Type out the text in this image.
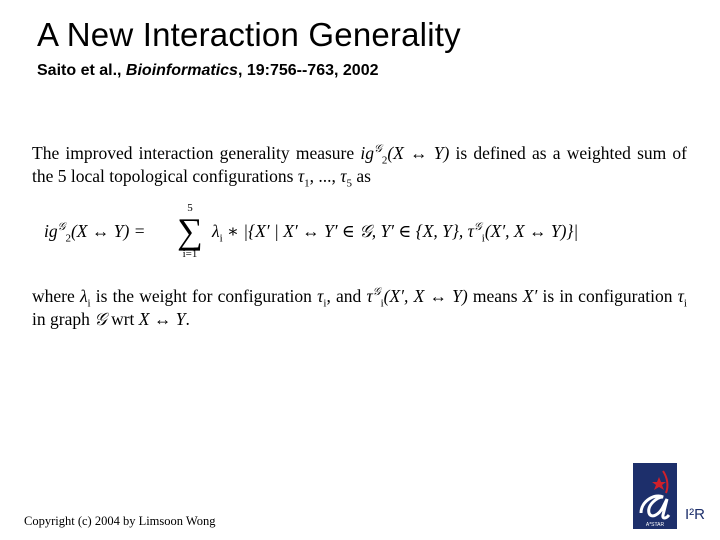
A New Interaction Generality
Saito et al., Bioinformatics, 19:756--763, 2002
The improved interaction generality measure $ig^𝒢_2(X$ ↔ Y) is defined as a weighted sum of the 5 local topological configurations $\tau_1$, ..., $\tau_5$ as
$ig^𝒢_2(X$ ↔ Y) =
5
∑
i=1
$\lambda_i$ ∗ |{X′ | X′ ↔ Y′ ∈ 𝒢, Y′ ∈ {X, Y}, $\tau^𝒢_i(X'$, X ↔ Y)}|
where $\lambda_i$ is the weight for configuration $\tau_i$, and $\tau^𝒢_i(X'$, X ↔ Y) means X′ is in configuration $\tau_i$ in graph 𝒢 wrt X ↔ Y.
Copyright (c) 2004 by Limsoon Wong	A*STAR
I²R
